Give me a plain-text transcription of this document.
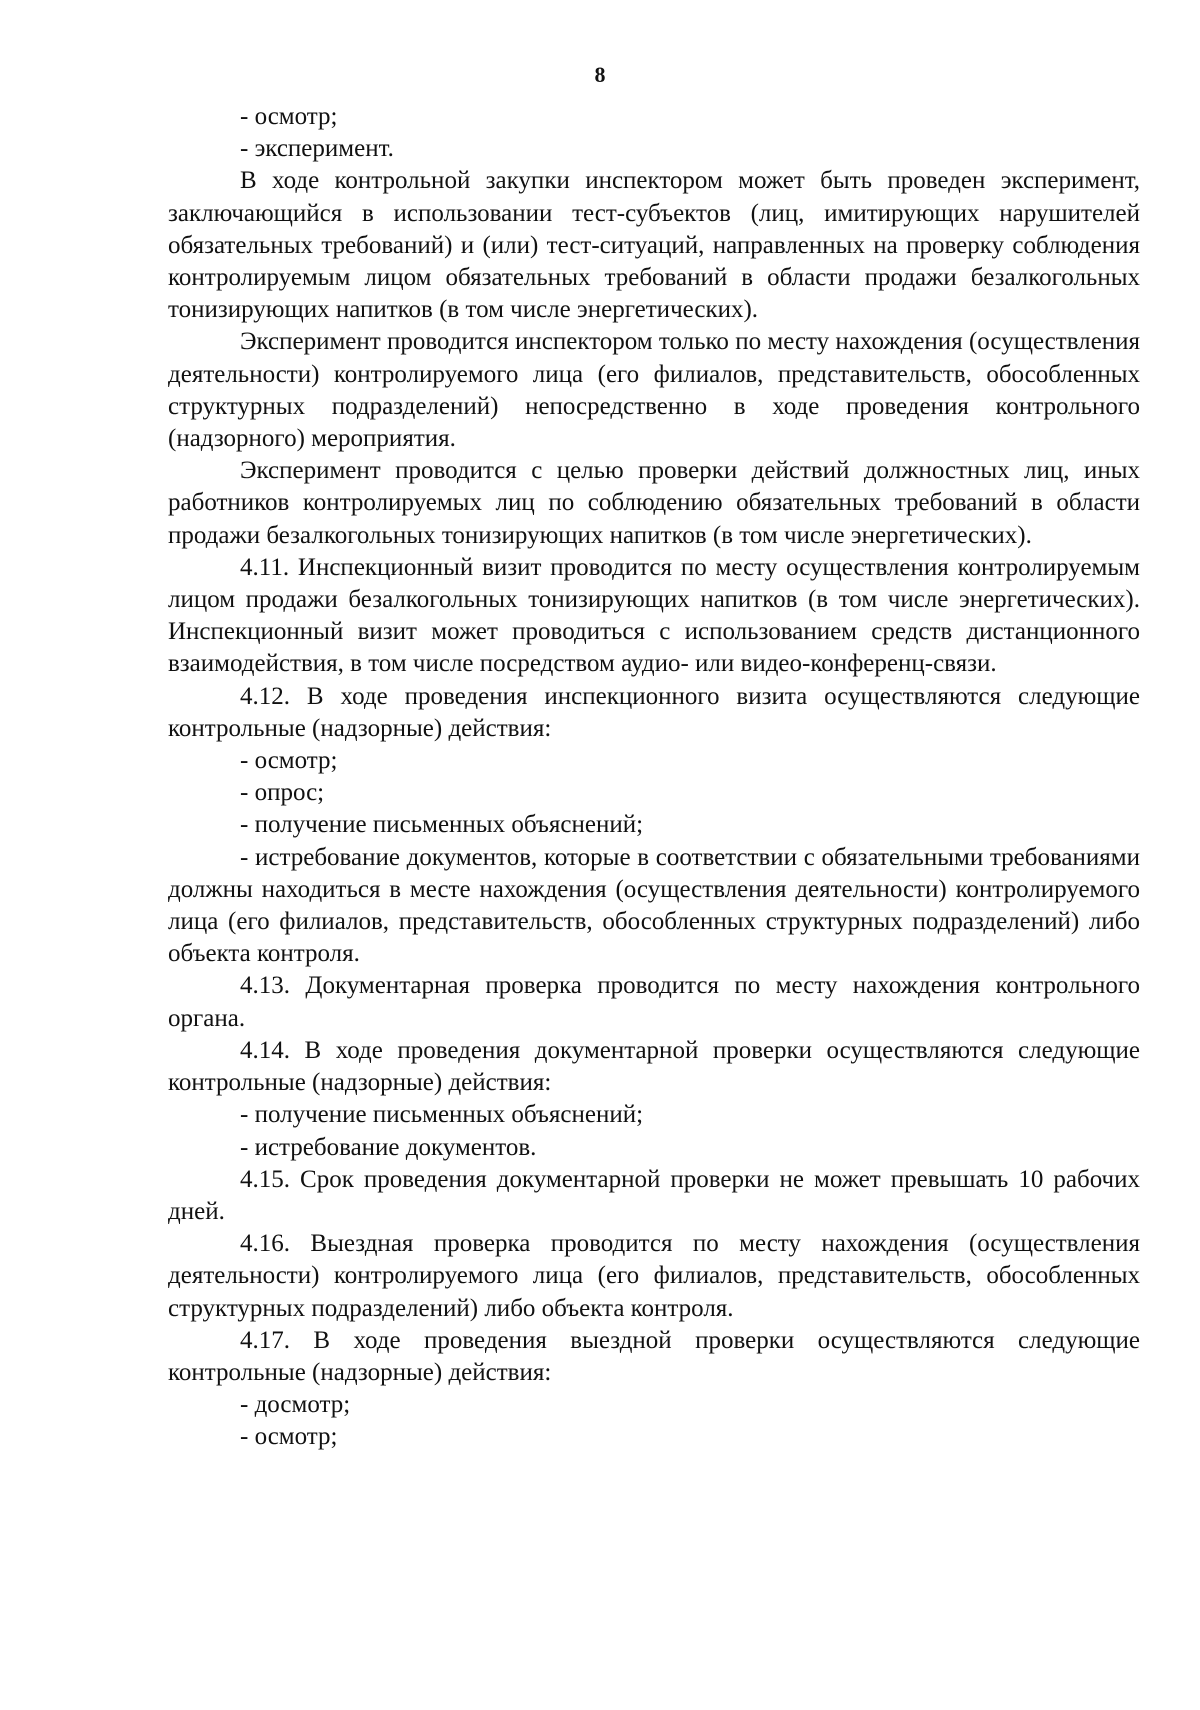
8

- осмотр;

- эксперимент.

В ходе контрольной закупки инспектором может быть проведен эксперимент, заключающийся в использовании тест-субъектов (лиц, имитирующих нарушителей обязательных требований) и (или) тест-ситуаций, направленных на проверку соблюдения контролируемым лицом обязательных требований в области продажи безалкогольных тонизирующих напитков (в том числе энергетических).

Эксперимент проводится инспектором только по месту нахождения (осуществления деятельности) контролируемого лица (его филиалов, представительств, обособленных структурных подразделений) непосредственно в ходе проведения контрольного (надзорного) мероприятия.

Эксперимент проводится с целью проверки действий должностных лиц, иных работников контролируемых лиц по соблюдению обязательных требований в области продажи безалкогольных тонизирующих напитков (в том числе энергетических).

4.11. Инспекционный визит проводится по месту осуществления контролируемым лицом продажи безалкогольных тонизирующих напитков (в том числе энергетических). Инспекционный визит может проводиться с использованием средств дистанционного взаимодействия, в том числе посредством аудио- или видео-конференц-связи.

4.12. В ходе проведения инспекционного визита осуществляются следующие контрольные (надзорные) действия:

- осмотр;

- опрос;

- получение письменных объяснений;

- истребование документов, которые в соответствии с обязательными требованиями должны находиться в месте нахождения (осуществления деятельности) контролируемого лица (его филиалов, представительств, обособленных структурных подразделений) либо объекта контроля.

4.13. Документарная проверка проводится по месту нахождения контрольного органа.

4.14. В ходе проведения документарной проверки осуществляются следующие контрольные (надзорные) действия:

- получение письменных объяснений;

- истребование документов.

4.15. Срок проведения документарной проверки не может превышать 10 рабочих дней.

4.16. Выездная проверка проводится по месту нахождения (осуществления деятельности) контролируемого лица (его филиалов, представительств, обособленных структурных подразделений) либо объекта контроля.

4.17. В ходе проведения выездной проверки осуществляются следующие контрольные (надзорные) действия:

- досмотр;

- осмотр;
